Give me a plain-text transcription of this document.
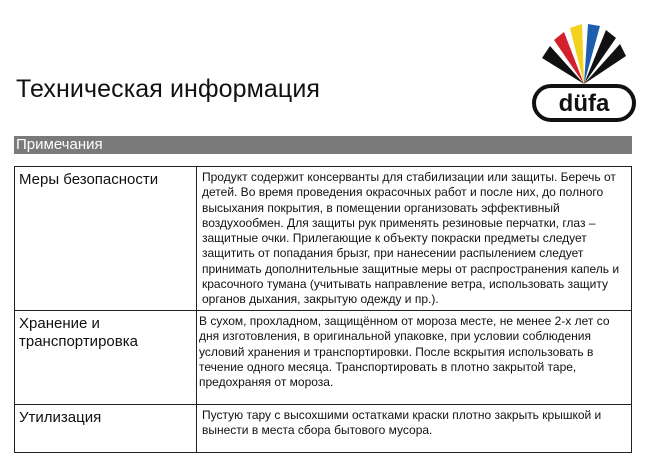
Техническая информация
düfa
Примечания
Меры безопасности	Продукт содержит консерванты для стабилизации или защиты. Беречь от детей. Во время проведения окрасочных работ и после них, до полного высыхания покрытия, в помещении организовать эффективный воздухообмен. Для защиты рук применять резиновые перчатки, глаз – защитные очки. Прилегающие к объекту покраски предметы следует защитить от попадания брызг, при нанесении распылением следует принимать дополнительные защитные меры от распространения капель и красочного тумана (учитывать направление ветра, использовать защиту органов дыхания, закрытую одежду и пр.).
Хранение и транспортировка	В сухом, прохладном, защищённом от мороза месте, не менее 2-х лет со дня изготовления, в оригинальной упаковке, при условии соблюдения условий хранения и транспортировки. После вскрытия использовать в течение одного месяца. Транспортировать в плотно закрытой таре, предохраняя от мороза.
Утилизация	Пустую тару с высохшими остатками краски плотно закрыть крышкой и вынести в места сбора бытового мусора.
